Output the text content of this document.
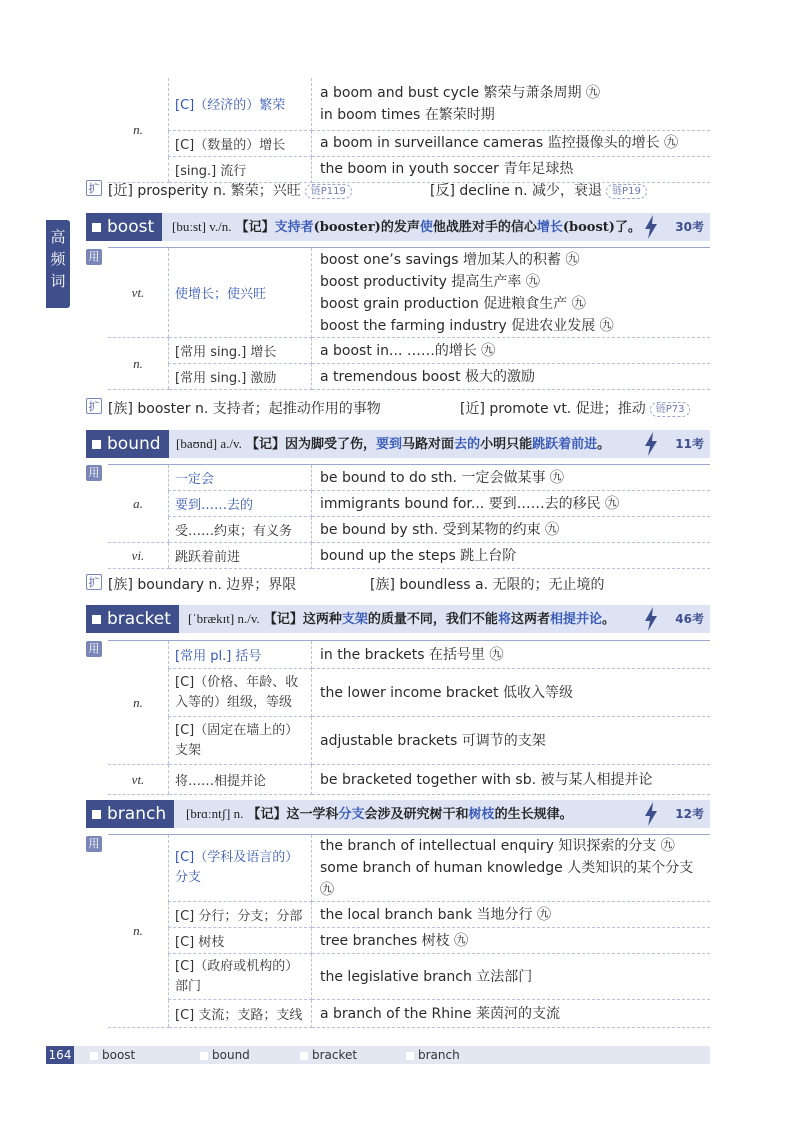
高频词
n.	[C]（经济的）繁荣	a boom and bust cycle 繁荣与萧条周期 ㊈
in boom times 在繁荣时期

	[C]（数量的）增长	a boom in surveillance cameras 监控摄像头的增长 ㊈
	[sing.] 流行	the boom in youth soccer 青年足球热
扩 [近] prosperity n. 繁荣；兴旺 链P119	[反] decline n. 减少，衰退 链P19
boost	[buːst] v./n. 【记】支持者(booster)的发声使他战胜对手的信心增长(boost)了。	30考
用
vt.	使增长；使兴旺	boost one’s savings 增加某人的积蓄 ㊈
boost productivity 提高生产率 ㊈
boost grain production 促进粮食生产 ㊈
boost the farming industry 促进农业发展 ㊈

n.	[常用 sing.] 增长	a boost in... ……的增长 ㊈
	[常用 sing.] 激励	a tremendous boost 极大的激励
扩 [族] booster n. 支持者；起推动作用的事物	[近] promote vt. 促进；推动 链P73
bound	[baʊnd] a./v. 【记】因为脚受了伤，要到马路对面去的小明只能跳跃着前进。	11考
用
a.	一定会	be bound to do sth. 一定会做某事 ㊈
	要到……去的	immigrants bound for... 要到……去的移民 ㊈
	受……约束；有义务	be bound by sth. 受到某物的约束 ㊈
vi.	跳跃着前进	bound up the steps 跳上台阶
扩 [族] boundary n. 边界；界限	[族] boundless a. 无限的；无止境的
bracket	[ˈbrækɪt] n./v. 【记】这两种支架的质量不同，我们不能将这两者相提并论。	46考
用
n.	[常用 pl.] 括号	in the brackets 在括号里 ㊈
	[C]（价格、年龄、收入等的）组级，等级	the lower income bracket 低收入等级
	[C]（固定在墙上的）支架	adjustable brackets 可调节的支架
vt.	将……相提并论	be bracketed together with sb. 被与某人相提并论
branch	[brɑːntʃ] n. 【记】这一学科分支会涉及研究树干和树枝的生长规律。	12考
用
n.	[C]（学科及语言的）分支	the branch of intellectual enquiry 知识探索的分支 ㊈
some branch of human knowledge 人类知识的某个分支 ㊈

	[C] 分行；分支；分部	the local branch bank 当地分行 ㊈
	[C] 树枝	tree branches 树枝 ㊈
	[C]（政府或机构的）部门	the legislative branch 立法部门
	[C] 支流；支路；支线	a branch of the Rhine 莱茵河的支流
164	boost	bound	bracket	branch
